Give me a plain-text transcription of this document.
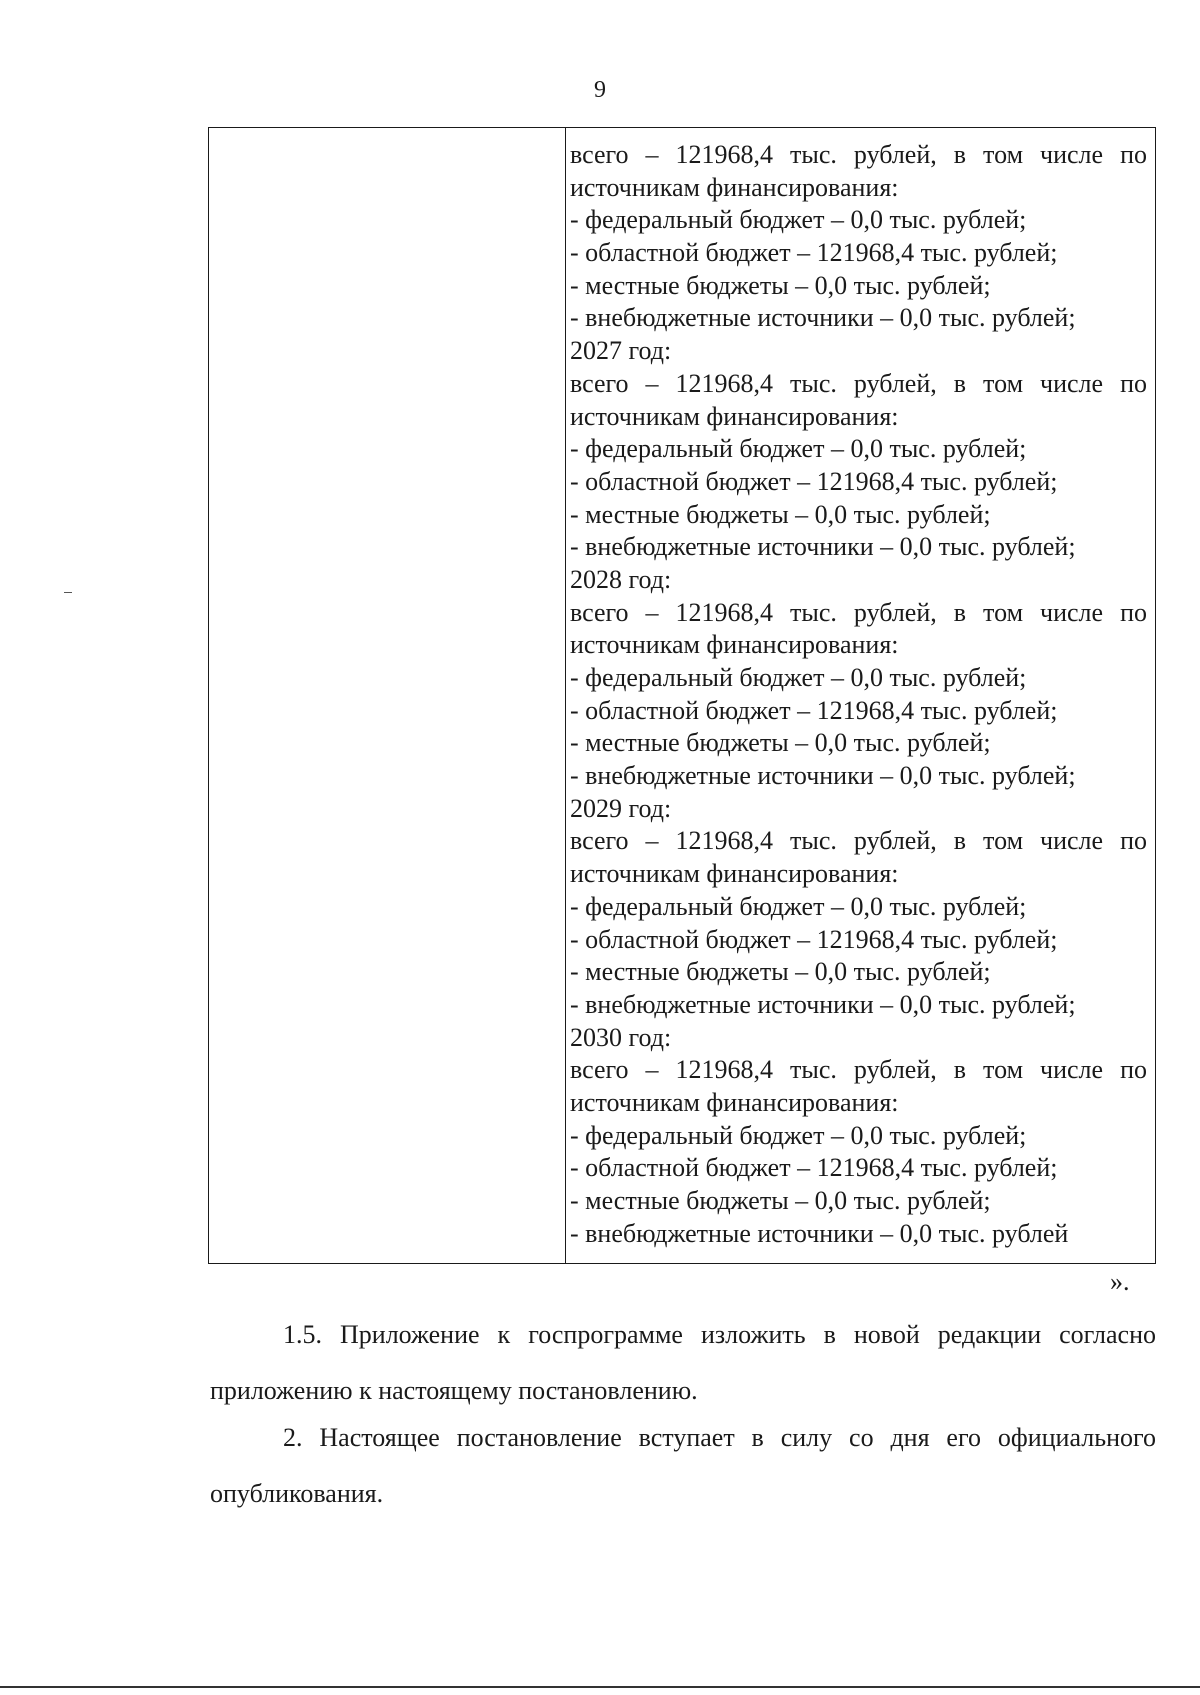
9
всего – 121968,4 тыс. рублей, в том числе по
источникам финансирования:
- федеральный бюджет – 0,0 тыс. рублей;
- областной бюджет – 121968,4 тыс. рублей;
- местные бюджеты – 0,0 тыс. рублей;
- внебюджетные источники – 0,0 тыс. рублей;
2027 год:
всего – 121968,4 тыс. рублей, в том числе по
источникам финансирования:
- федеральный бюджет – 0,0 тыс. рублей;
- областной бюджет – 121968,4 тыс. рублей;
- местные бюджеты – 0,0 тыс. рублей;
- внебюджетные источники – 0,0 тыс. рублей;
2028 год:
всего – 121968,4 тыс. рублей, в том числе по
источникам финансирования:
- федеральный бюджет – 0,0 тыс. рублей;
- областной бюджет – 121968,4 тыс. рублей;
- местные бюджеты – 0,0 тыс. рублей;
- внебюджетные источники – 0,0 тыс. рублей;
2029 год:
всего – 121968,4 тыс. рублей, в том числе по
источникам финансирования:
- федеральный бюджет – 0,0 тыс. рублей;
- областной бюджет – 121968,4 тыс. рублей;
- местные бюджеты – 0,0 тыс. рублей;
- внебюджетные источники – 0,0 тыс. рублей;
2030 год:
всего – 121968,4 тыс. рублей, в том числе по
источникам финансирования:
- федеральный бюджет – 0,0 тыс. рублей;
- областной бюджет – 121968,4 тыс. рублей;
- местные бюджеты – 0,0 тыс. рублей;
- внебюджетные источники – 0,0 тыс. рублей
».
1.5. Приложение к госпрограмме изложить в новой редакции согласно
приложению к настоящему постановлению.
2. Настоящее постановление вступает в силу со дня его официального
опубликования.
